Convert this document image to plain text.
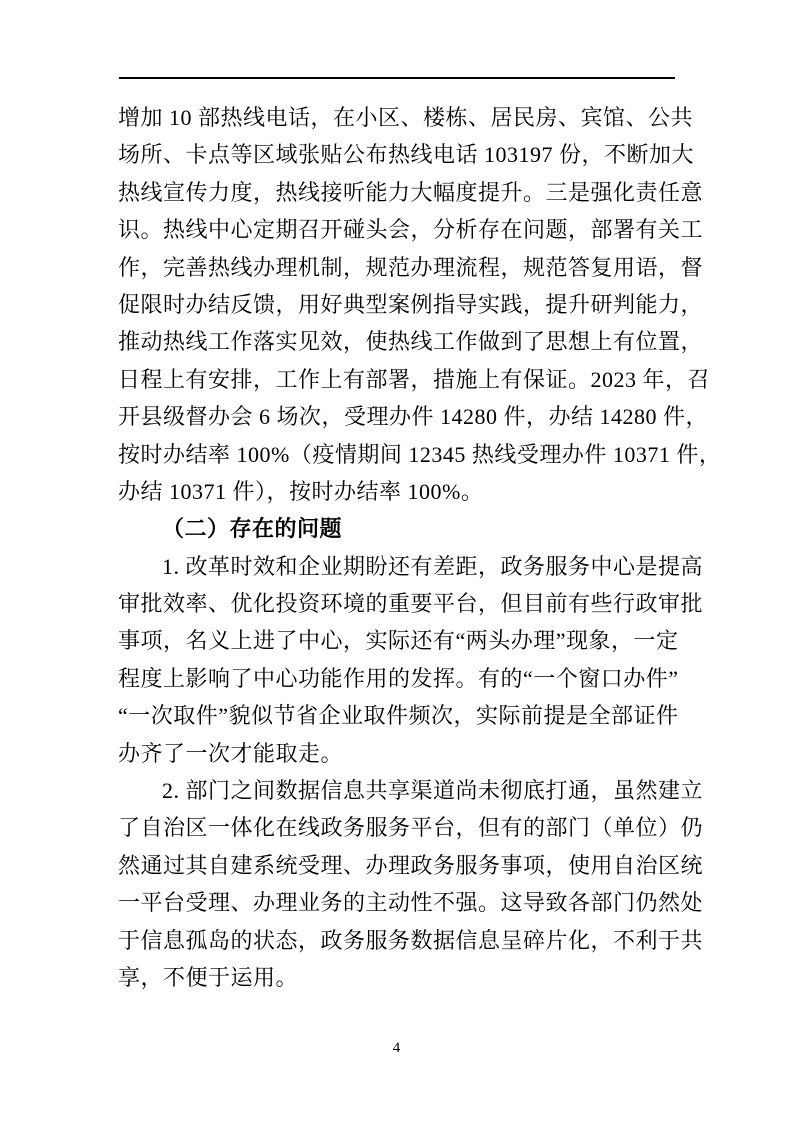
增加 10 部热线电话，在小区、楼栋、居民房、宾馆、公共
场所、卡点等区域张贴公布热线电话 103197 份，不断加大
热线宣传力度，热线接听能力大幅度提升。三是强化责任意
识。热线中心定期召开碰头会，分析存在问题，部署有关工
作，完善热线办理机制，规范办理流程，规范答复用语，督
促限时办结反馈，用好典型案例指导实践，提升研判能力，
推动热线工作落实见效，使热线工作做到了思想上有位置，
日程上有安排，工作上有部署，措施上有保证。2023 年，召
开县级督办会 6 场次，受理办件 14280 件，办结 14280 件，
按时办结率 100%（疫情期间 12345 热线受理办件 10371 件，
办结 10371 件），按时办结率 100%。
（二）存在的问题
1. 改革时效和企业期盼还有差距，政务服务中心是提高
审批效率、优化投资环境的重要平台，但目前有些行政审批
事项，名义上进了中心，实际还有“两头办理”现象，一定
程度上影响了中心功能作用的发挥。有的“一个窗口办件”
“一次取件”貌似节省企业取件频次，实际前提是全部证件
办齐了一次才能取走。
2. 部门之间数据信息共享渠道尚未彻底打通，虽然建立
了自治区一体化在线政务服务平台，但有的部门（单位）仍
然通过其自建系统受理、办理政务服务事项，使用自治区统
一平台受理、办理业务的主动性不强。这导致各部门仍然处
于信息孤岛的状态，政务服务数据信息呈碎片化，不利于共
享，不便于运用。
4
